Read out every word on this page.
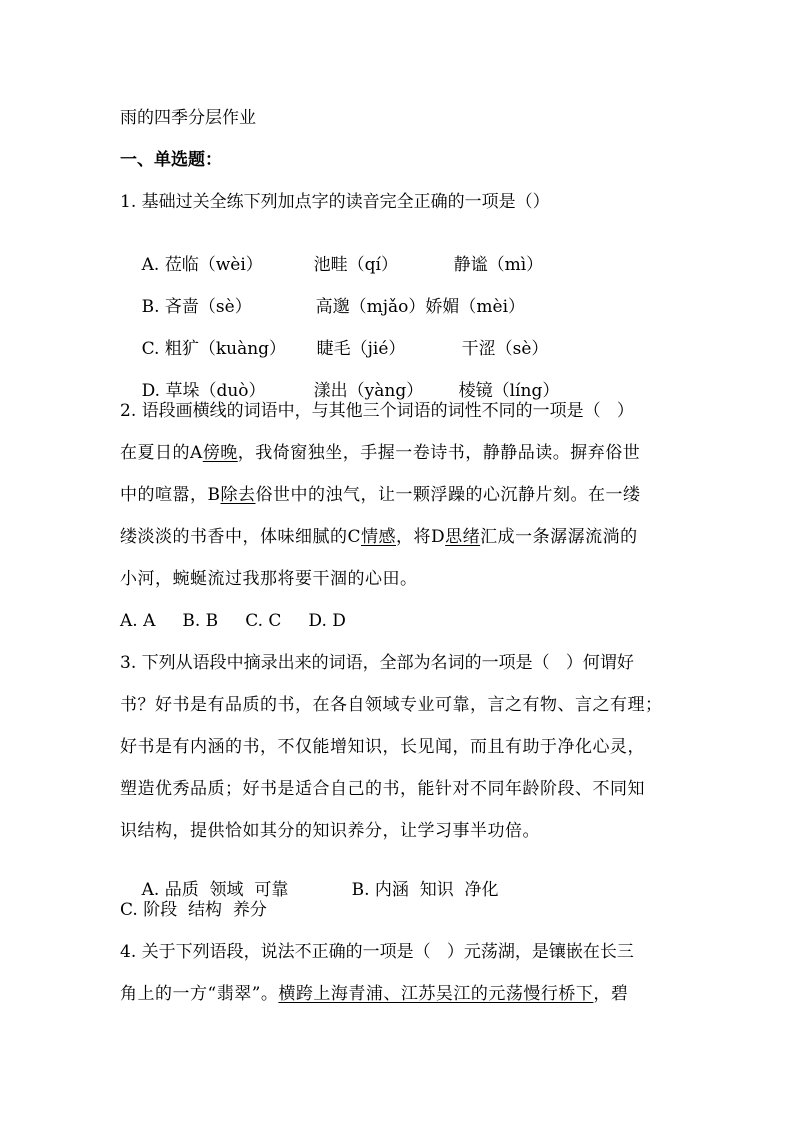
雨的四季分层作业
一、单选题：
1. 基础过关全练下列加点字的读音完全正确的一项是（）

A. 莅临（wèi）	池畦（qí）	静谧（mì）

B. 吝啬（sè）	高邈（mjǎo）娇媚（mèi）

C. 粗犷（kuàng） 睫毛（jié）	干涩（sè）

D. 草垛（duò）	漾出（yàng） 棱镜（líng）

2. 语段画横线的词语中，与其他三个词语的词性不同的一项是（   ）
在夏日的A傍晚，我倚窗独坐，手握一卷诗书，静静品读。摒弃俗世
中的喧嚣，B除去俗世中的浊气，让一颗浮躁的心沉静片刻。在一缕
缕淡淡的书香中，体味细腻的C情感，将D思绪汇成一条潺潺流淌的
小河，蜿蜒流过我那将要干涸的心田。
A. A     B. B     C. C     D. D
3. 下列从语段中摘录出来的词语，全部为名词的一项是（   ）何谓好
书？好书是有品质的书，在各自领域专业可靠，言之有物、言之有理；
好书是有内涵的书，不仅能增知识，长见闻，而且有助于净化心灵，
塑造优秀品质；好书是适合自己的书，能针对不同年龄阶段、不同知
识结构，提供恰如其分的知识养分，让学习事半功倍。

A. 品质  领域  可靠	B. 内涵  知识  净化

C. 阶段  结构  养分
4. 关于下列语段，说法不正确的一项是（   ）元荡湖，是镶嵌在长三
角上的一方“翡翠”。横跨上海青浦、江苏吴江的元荡慢行桥下，碧
